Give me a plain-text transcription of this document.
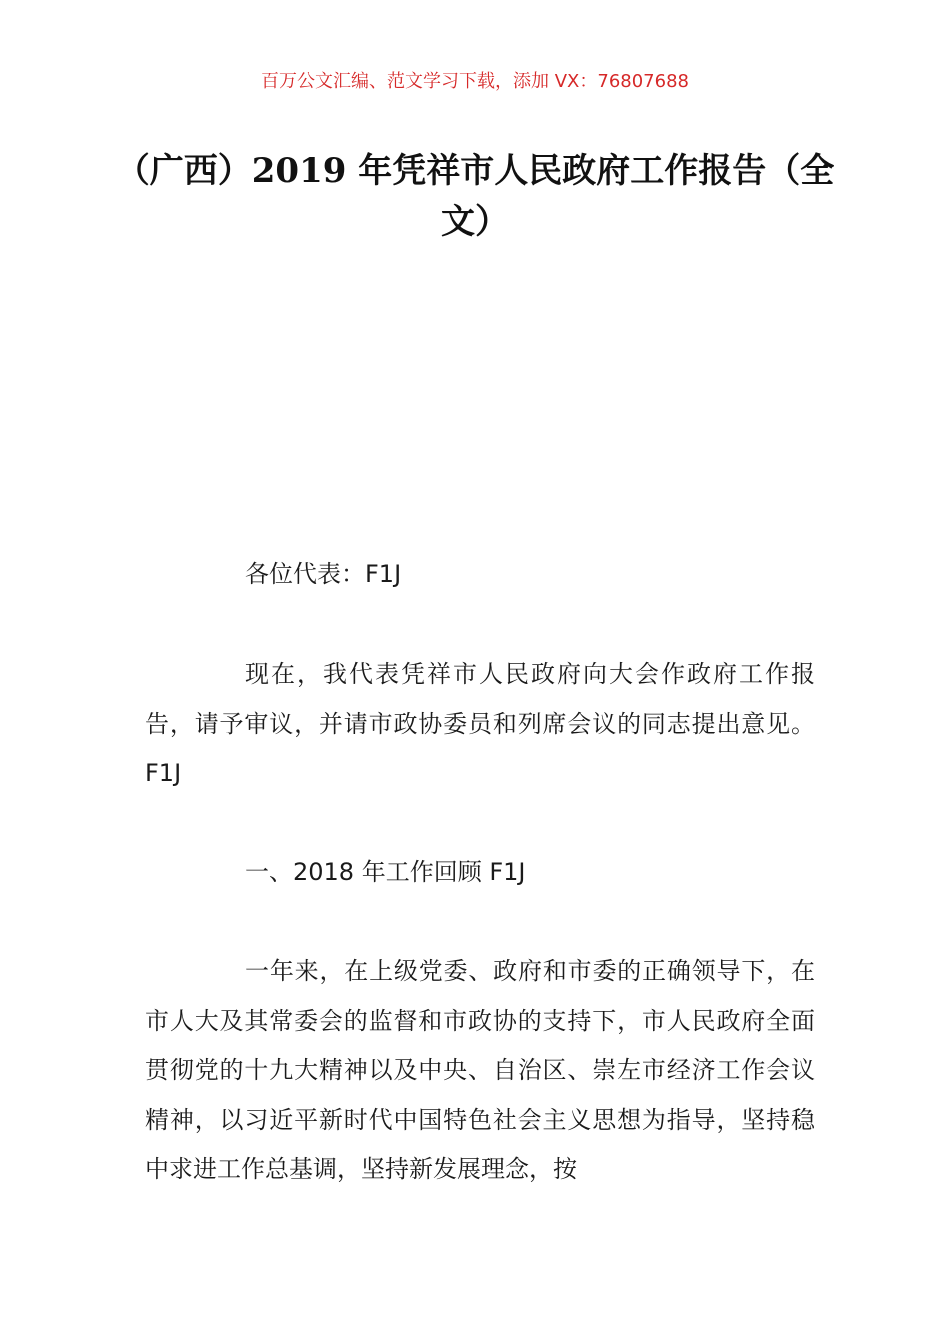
百万公文汇编、范文学习下载，添加 VX：76807688
（广西）2019 年凭祥市人民政府工作报告（全文）

各位代表：F1J

现在，我代表凭祥市人民政府向大会作政府工作报告，请予审议，并请市政协委员和列席会议的同志提出意见。F1J

一、2018 年工作回顾 F1J

一年来，在上级党委、政府和市委的正确领导下，在市人大及其常委会的监督和市政协的支持下，市人民政府全面贯彻党的十九大精神以及中央、自治区、崇左市经济工作会议精神，以习近平新时代中国特色社会主义思想为指导，坚持稳中求进工作总基调，坚持新发展理念，按
